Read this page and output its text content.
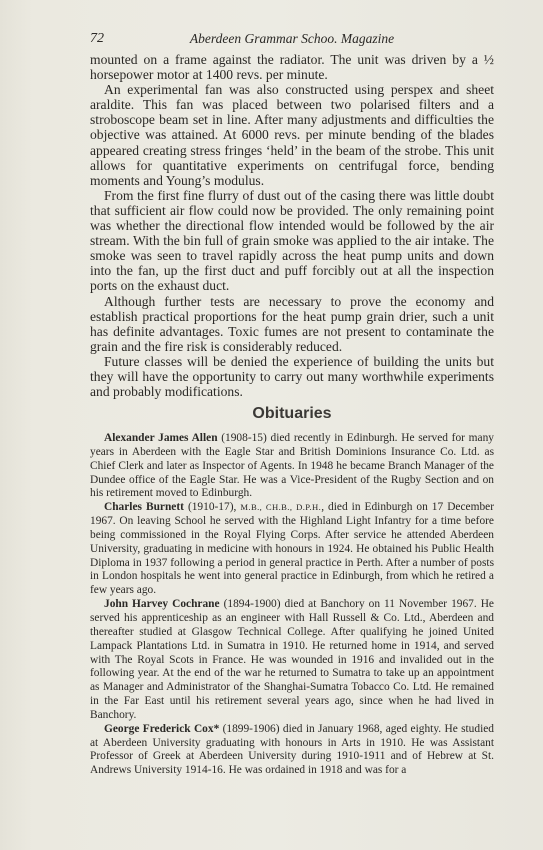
72	Aberdeen Grammar Schoo. Magazine

mounted on a frame against the radiator. The unit was driven by a ½ horsepower motor at 1400 revs. per minute.

An experimental fan was also constructed using perspex and sheet araldite. This fan was placed between two polarised filters and a stroboscope beam set in line. After many adjustments and difficulties the objective was attained. At 6000 revs. per minute bending of the blades appeared creating stress fringes ‘held’ in the beam of the strobe. This unit allows for quantitative experiments on centrifugal force, bending moments and Young’s modulus.

From the first fine flurry of dust out of the casing there was little doubt that sufficient air flow could now be provided. The only remaining point was whether the directional flow intended would be followed by the air stream. With the bin full of grain smoke was applied to the air intake. The smoke was seen to travel rapidly across the heat pump units and down into the fan, up the first duct and puff forcibly out at all the inspection ports on the exhaust duct.

Although further tests are necessary to prove the economy and establish practical proportions for the heat pump grain drier, such a unit has definite advantages. Toxic fumes are not present to contaminate the grain and the fire risk is considerably reduced.

Future classes will be denied the experience of building the units but they will have the opportunity to carry out many worthwhile experiments and probably modifications.

Obituaries

Alexander James Allen (1908-15) died recently in Edinburgh. He served for many years in Aberdeen with the Eagle Star and British Dominions Insurance Co. Ltd. as Chief Clerk and later as Inspector of Agents. In 1948 he became Branch Manager of the Dundee office of the Eagle Star. He was a Vice-President of the Rugby Section and on his retirement moved to Edinburgh.

Charles Burnett (1910-17), M.B., CH.B., D.P.H., died in Edinburgh on 17 December 1967. On leaving School he served with the Highland Light Infantry for a time before being commissioned in the Royal Flying Corps. After service he attended Aberdeen University, graduating in medicine with honours in 1924. He obtained his Public Health Diploma in 1937 following a period in general practice in Perth. After a number of posts in London hospitals he went into general practice in Edinburgh, from which he retired a few years ago.

John Harvey Cochrane (1894-1900) died at Banchory on 11 November 1967. He served his apprenticeship as an engineer with Hall Russell & Co. Ltd., Aberdeen and thereafter studied at Glasgow Technical College. After qualifying he joined United Lampack Plantations Ltd. in Sumatra in 1910. He returned home in 1914, and served with The Royal Scots in France. He was wounded in 1916 and invalided out in the following year. At the end of the war he returned to Sumatra to take up an appointment as Manager and Administrator of the Shanghai-Sumatra Tobacco Co. Ltd. He remained in the Far East until his retirement several years ago, since when he had lived in Banchory.

George Frederick Cox* (1899-1906) died in January 1968, aged eighty. He studied at Aberdeen University graduating with honours in Arts in 1910. He was Assistant Professor of Greek at Aberdeen University during 1910-1911 and of Hebrew at St. Andrews University 1914-16. He was ordained in 1918 and was for a
